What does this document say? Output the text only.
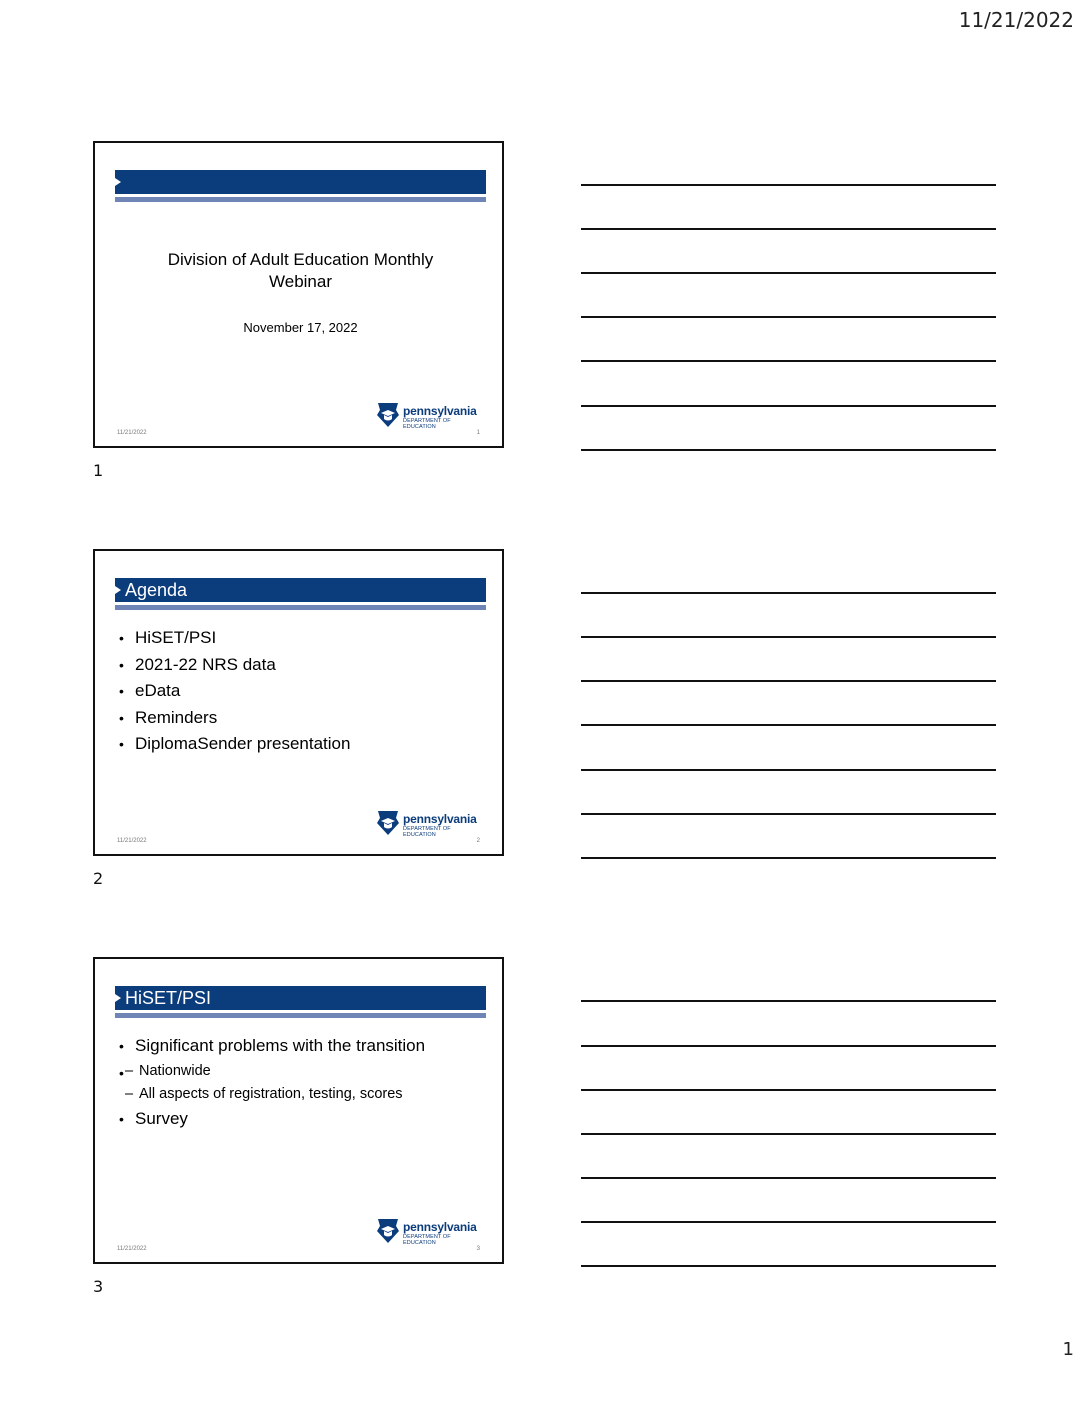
11/21/2022
Division of Adult Education Monthly Webinar
November 17, 2022
pennsylvania
DEPARTMENT OF EDUCATION
11/21/2022	1
1
Agenda
• HiSET/PSI
• 2021-22 NRS data
• eData
• Reminders
• DiplomaSender presentation
pennsylvania
DEPARTMENT OF EDUCATION
11/21/2022	2
2
HiSET/PSI
• Significant problems with the transition
– • Nationwide
– All aspects of registration, testing, scores
• Survey
pennsylvania
DEPARTMENT OF EDUCATION
11/21/2022	3
3
1
